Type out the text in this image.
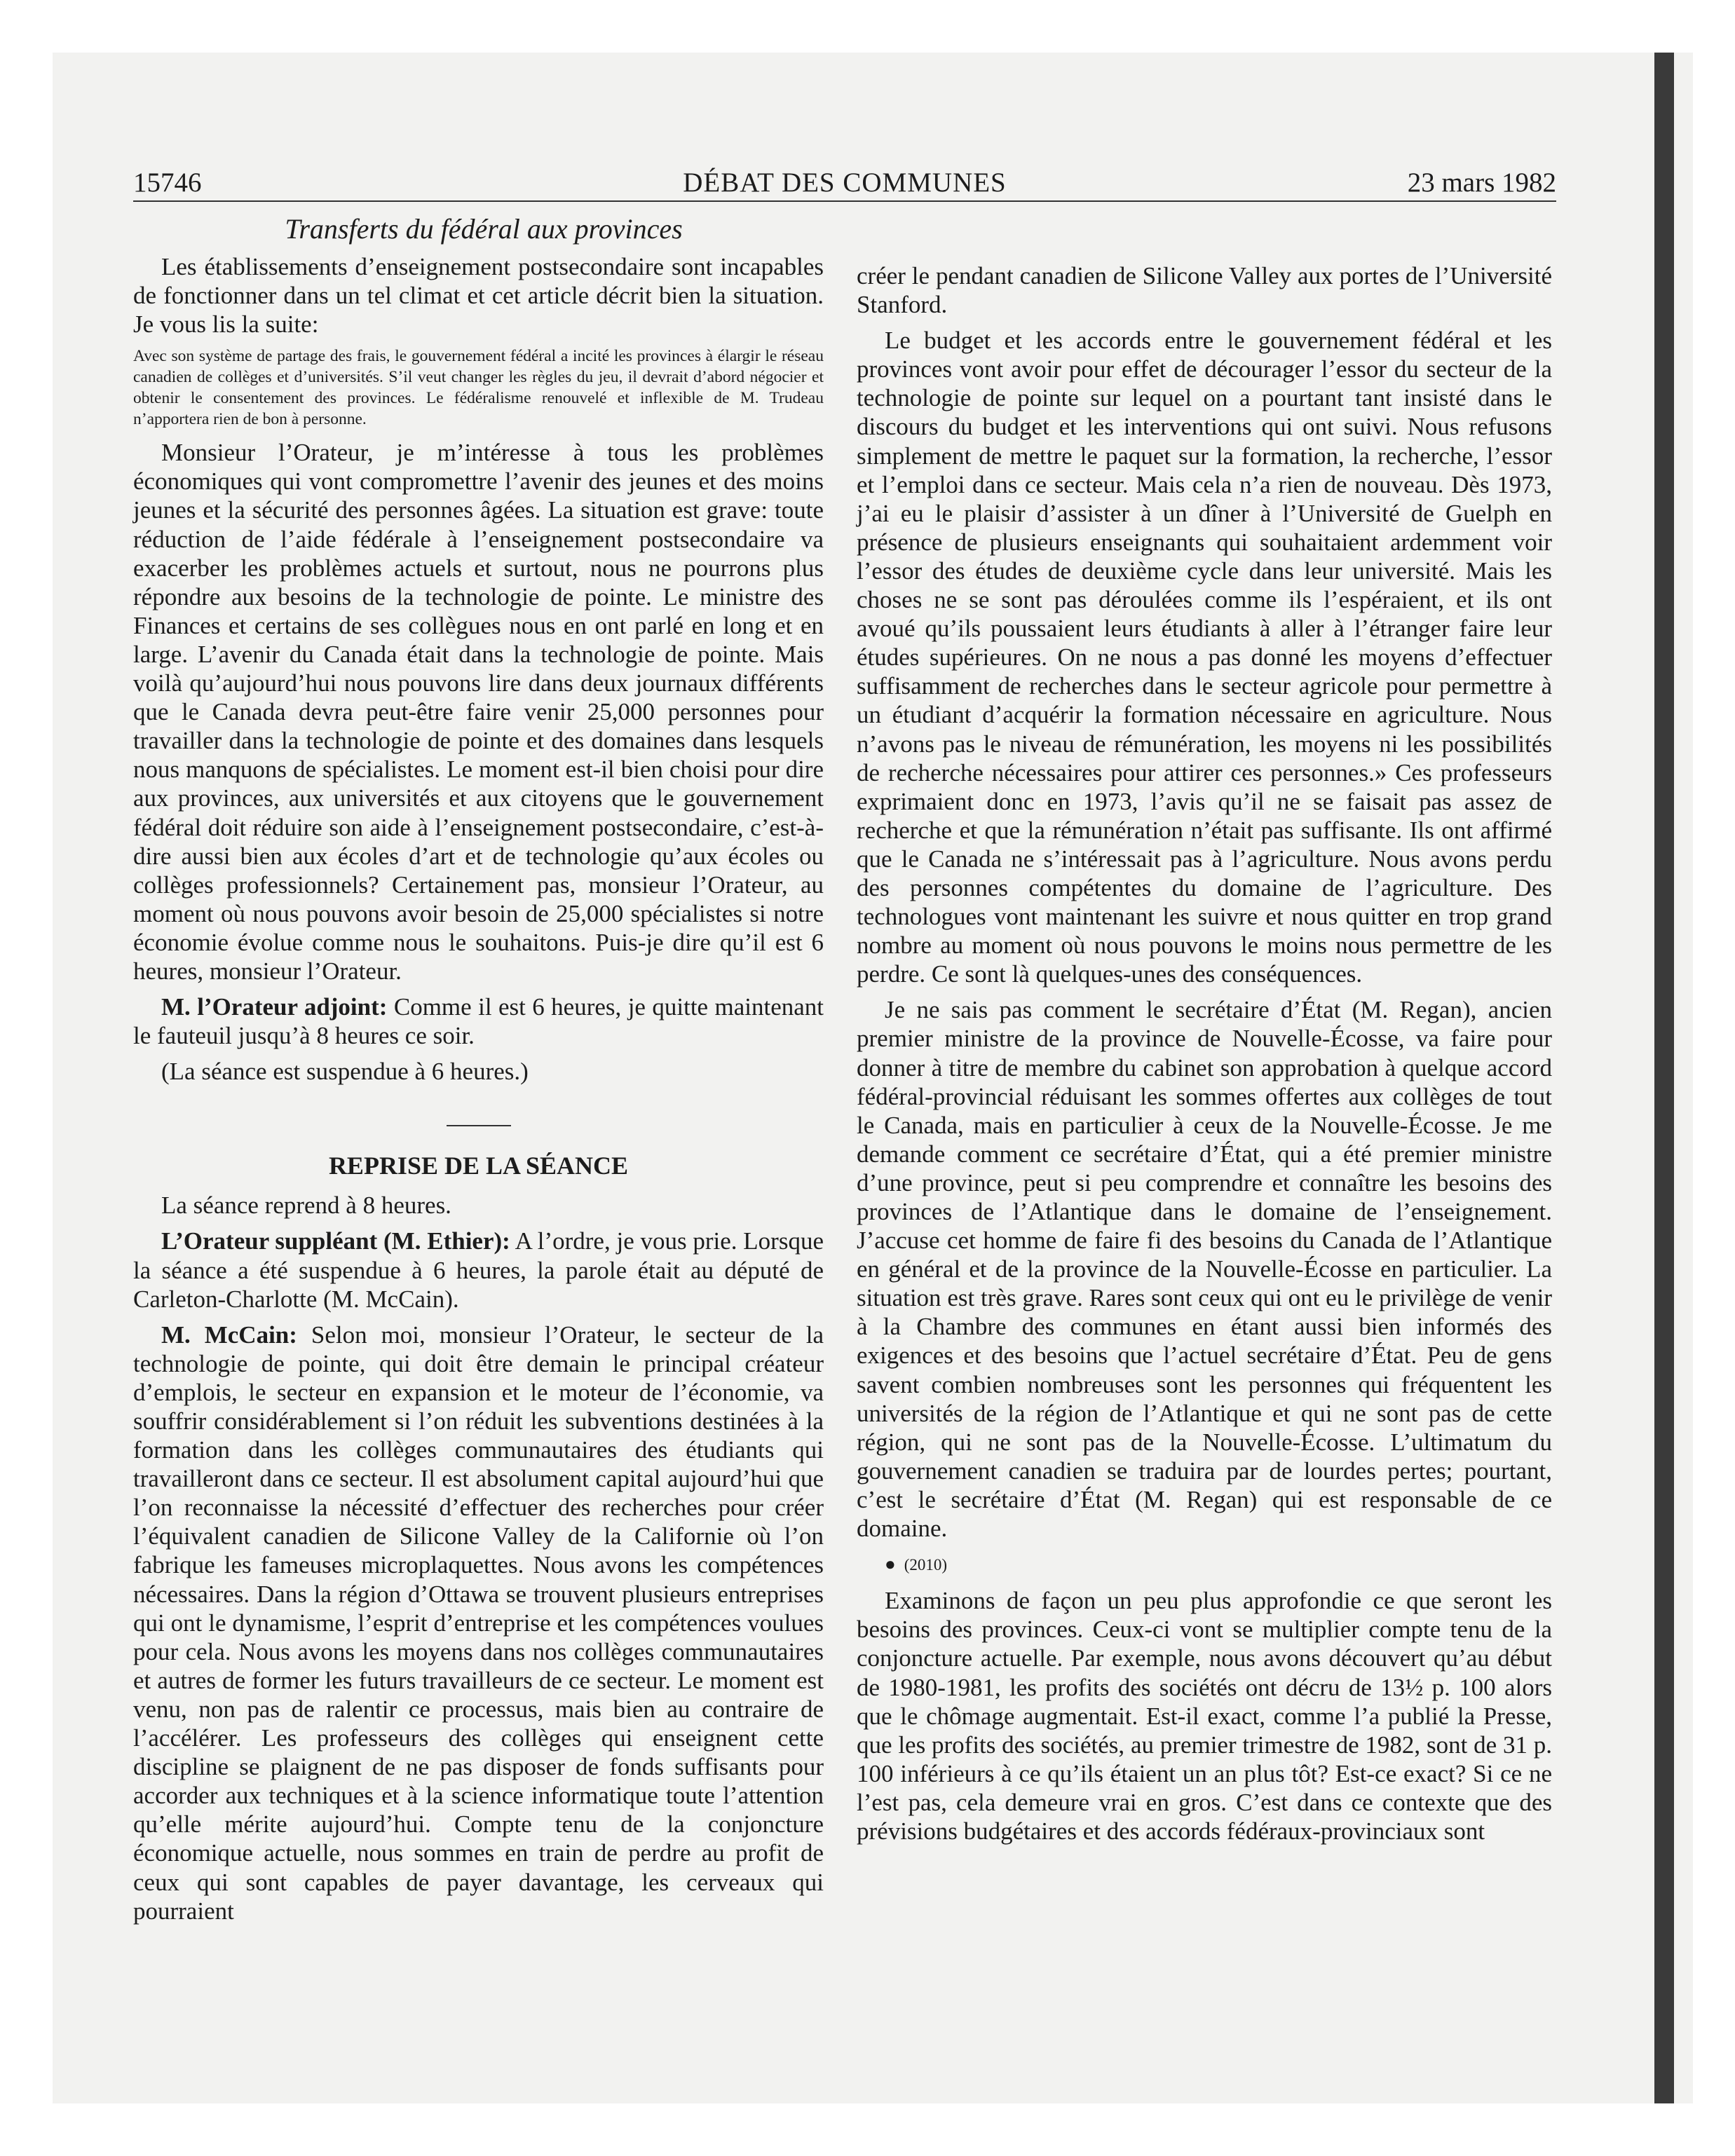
15746	DÉBAT DES COMMUNES	23 mars 1982
Transferts du fédéral aux provinces

Les établissements d’enseignement postsecondaire sont incapables de fonctionner dans un tel climat et cet article décrit bien la situation. Je vous lis la suite:

Avec son système de partage des frais, le gouvernement fédéral a incité les provinces à élargir le réseau canadien de collèges et d’universités. S’il veut changer les règles du jeu, il devrait d’abord négocier et obtenir le consentement des provinces. Le fédéralisme renouvelé et inflexible de M. Trudeau n’apportera rien de bon à personne.

Monsieur l’Orateur, je m’intéresse à tous les problèmes économiques qui vont compromettre l’avenir des jeunes et des moins jeunes et la sécurité des personnes âgées. La situation est grave: toute réduction de l’aide fédérale à l’enseignement postsecondaire va exacerber les problèmes actuels et surtout, nous ne pourrons plus répondre aux besoins de la technologie de pointe. Le ministre des Finances et certains de ses collègues nous en ont parlé en long et en large. L’avenir du Canada était dans la technologie de pointe. Mais voilà qu’aujourd’hui nous pouvons lire dans deux journaux différents que le Canada devra peut-être faire venir 25,000 personnes pour travailler dans la technologie de pointe et des domaines dans lesquels nous manquons de spécialistes. Le moment est-il bien choisi pour dire aux provinces, aux universités et aux citoyens que le gouvernement fédéral doit réduire son aide à l’enseignement postsecondaire, c’est-à-dire aussi bien aux écoles d’art et de technologie qu’aux écoles ou collèges professionnels? Certainement pas, monsieur l’Orateur, au moment où nous pouvons avoir besoin de 25,000 spécialistes si notre économie évolue comme nous le souhaitons. Puis-je dire qu’il est 6 heures, monsieur l’Orateur.

M. l’Orateur adjoint: Comme il est 6 heures, je quitte maintenant le fauteuil jusqu’à 8 heures ce soir.

(La séance est suspendue à 6 heures.)

REPRISE DE LA SÉANCE

La séance reprend à 8 heures.

L’Orateur suppléant (M. Ethier): A l’ordre, je vous prie. Lorsque la séance a été suspendue à 6 heures, la parole était au député de Carleton-Charlotte (M. McCain).

M. McCain: Selon moi, monsieur l’Orateur, le secteur de la technologie de pointe, qui doit être demain le principal créateur d’emplois, le secteur en expansion et le moteur de l’économie, va souffrir considérablement si l’on réduit les subventions destinées à la formation dans les collèges communautaires des étudiants qui travailleront dans ce secteur. Il est absolument capital aujourd’hui que l’on reconnaisse la nécessité d’effectuer des recherches pour créer l’équivalent canadien de Silicone Valley de la Californie où l’on fabrique les fameuses microplaquettes. Nous avons les compétences nécessaires. Dans la région d’Ottawa se trouvent plusieurs entreprises qui ont le dynamisme, l’esprit d’entreprise et les compétences voulues pour cela. Nous avons les moyens dans nos collèges communautaires et autres de former les futurs travailleurs de ce secteur. Le moment est venu, non pas de ralentir ce processus, mais bien au contraire de l’accélérer. Les professeurs des collèges qui enseignent cette discipline se plaignent de ne pas disposer de fonds suffisants pour accorder aux techniques et à la science informatique toute l’attention qu’elle mérite aujourd’hui. Compte tenu de la conjoncture économique actuelle, nous sommes en train de perdre au profit de ceux qui sont capables de payer davantage, les cerveaux qui pourraient

créer le pendant canadien de Silicone Valley aux portes de l’Université Stanford.

Le budget et les accords entre le gouvernement fédéral et les provinces vont avoir pour effet de décourager l’essor du secteur de la technologie de pointe sur lequel on a pourtant tant insisté dans le discours du budget et les interventions qui ont suivi. Nous refusons simplement de mettre le paquet sur la formation, la recherche, l’essor et l’emploi dans ce secteur. Mais cela n’a rien de nouveau. Dès 1973, j’ai eu le plaisir d’assister à un dîner à l’Université de Guelph en présence de plusieurs enseignants qui souhaitaient ardemment voir l’essor des études de deuxième cycle dans leur université. Mais les choses ne se sont pas déroulées comme ils l’espéraient, et ils ont avoué qu’ils poussaient leurs étudiants à aller à l’étranger faire leur études supérieures. On ne nous a pas donné les moyens d’effectuer suffisamment de recherches dans le secteur agricole pour permettre à un étudiant d’acquérir la formation nécessaire en agriculture. Nous n’avons pas le niveau de rémunération, les moyens ni les possibilités de recherche nécessaires pour attirer ces personnes.» Ces professeurs exprimaient donc en 1973, l’avis qu’il ne se faisait pas assez de recherche et que la rémunération n’était pas suffisante. Ils ont affirmé que le Canada ne s’intéressait pas à l’agriculture. Nous avons perdu des personnes compétentes du domaine de l’agriculture. Des technologues vont maintenant les suivre et nous quitter en trop grand nombre au moment où nous pouvons le moins nous permettre de les perdre. Ce sont là quelques-unes des conséquences.

Je ne sais pas comment le secrétaire d’État (M. Regan), ancien premier ministre de la province de Nouvelle-Écosse, va faire pour donner à titre de membre du cabinet son approbation à quelque accord fédéral-provincial réduisant les sommes offertes aux collèges de tout le Canada, mais en particulier à ceux de la Nouvelle-Écosse. Je me demande comment ce secrétaire d’État, qui a été premier ministre d’une province, peut si peu comprendre et connaître les besoins des provinces de l’Atlantique dans le domaine de l’enseignement. J’accuse cet homme de faire fi des besoins du Canada de l’Atlantique en général et de la province de la Nouvelle-Écosse en particulier. La situation est très grave. Rares sont ceux qui ont eu le privilège de venir à la Chambre des communes en étant aussi bien informés des exigences et des besoins que l’actuel secrétaire d’État. Peu de gens savent combien nombreuses sont les personnes qui fréquentent les universités de la région de l’Atlantique et qui ne sont pas de cette région, qui ne sont pas de la Nouvelle-Écosse. L’ultimatum du gouvernement canadien se traduira par de lourdes pertes; pourtant, c’est le secrétaire d’État (M. Regan) qui est responsable de ce domaine.

● (2010)

Examinons de façon un peu plus approfondie ce que seront les besoins des provinces. Ceux-ci vont se multiplier compte tenu de la conjoncture actuelle. Par exemple, nous avons découvert qu’au début de 1980-1981, les profits des sociétés ont décru de 13½ p. 100 alors que le chômage augmentait. Est-il exact, comme l’a publié la Presse, que les profits des sociétés, au premier trimestre de 1982, sont de 31 p. 100 inférieurs à ce qu’ils étaient un an plus tôt? Est-ce exact? Si ce ne l’est pas, cela demeure vrai en gros. C’est dans ce contexte que des prévisions budgétaires et des accords fédéraux-provinciaux sont
